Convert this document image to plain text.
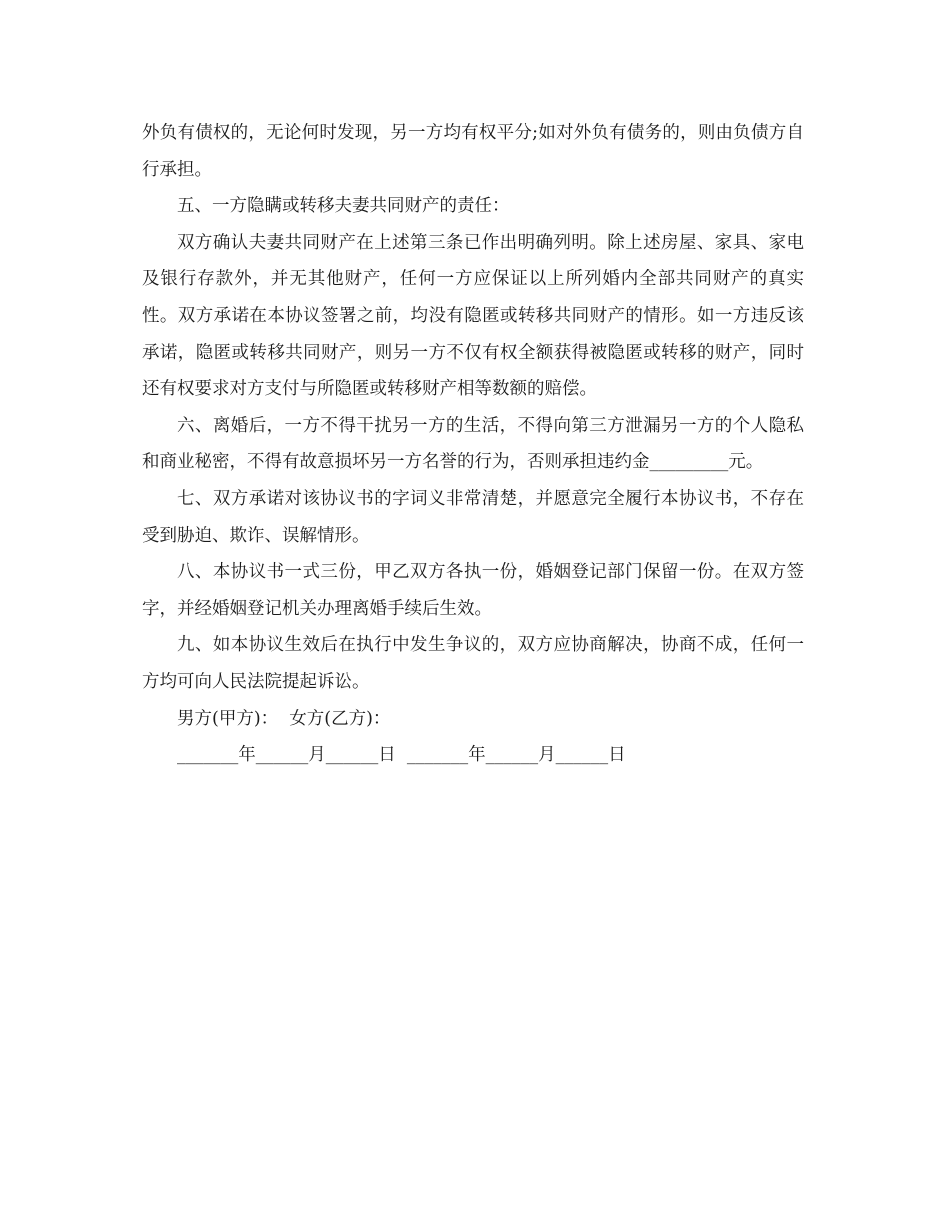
外负有债权的，无论何时发现，另一方均有权平分;如对外负有债务的，则由负债方自行承担。

五、一方隐瞒或转移夫妻共同财产的责任：

双方确认夫妻共同财产在上述第三条已作出明确列明。除上述房屋、家具、家电及银行存款外，并无其他财产，任何一方应保证以上所列婚内全部共同财产的真实性。双方承诺在本协议签署之前，均没有隐匿或转移共同财产的情形。如一方违反该承诺，隐匿或转移共同财产，则另一方不仅有权全额获得被隐匿或转移的财产，同时还有权要求对方支付与所隐匿或转移财产相等数额的赔偿。

六、离婚后，一方不得干扰另一方的生活，不得向第三方泄漏另一方的个人隐私和商业秘密，不得有故意损坏另一方名誉的行为，否则承担违约金_________元。

七、双方承诺对该协议书的字词义非常清楚，并愿意完全履行本协议书，不存在受到胁迫、欺诈、误解情形。

八、本协议书一式三份，甲乙双方各执一份，婚姻登记部门保留一份。在双方签字，并经婚姻登记机关办理离婚手续后生效。

九、如本协议生效后在执行中发生争议的，双方应协商解决，协商不成，任何一方均可向人民法院提起诉讼。

男方(甲方)：  女方(乙方)：

_______年______月______日  _______年______月______日
